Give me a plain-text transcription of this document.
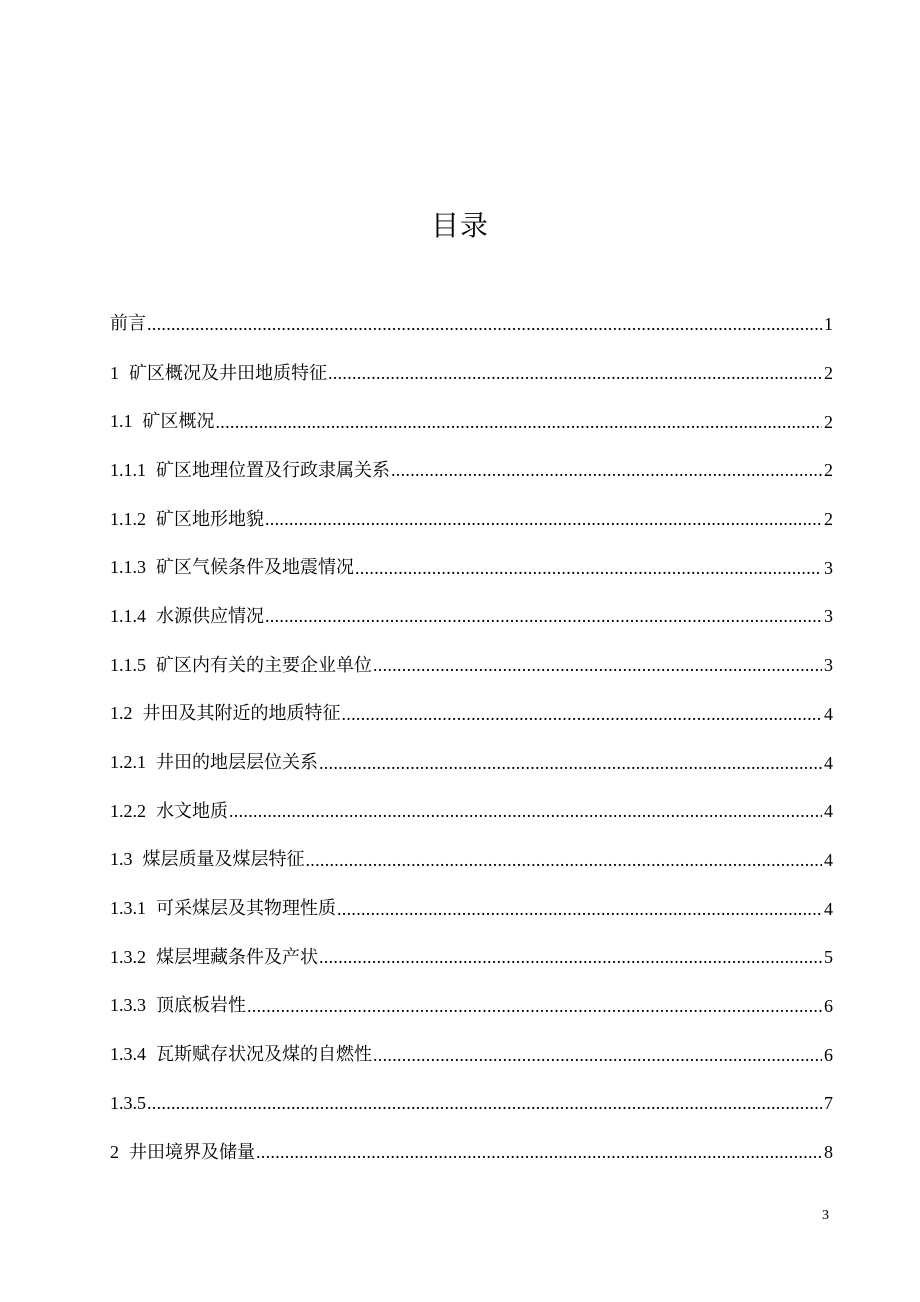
目录
前言 .....	1
1 矿区概况及井田地质特征 .....	2
1.1 矿区概况 .....	2
1.1.1 矿区地理位置及行政隶属关系 .....	2
1.1.2 矿区地形地貌 .....	2
1.1.3 矿区气候条件及地震情况 .....	3
1.1.4 水源供应情况 .....	3
1.1.5 矿区内有关的主要企业单位 .....	3
1.2 井田及其附近的地质特征 .....	4
1.2.1 井田的地层层位关系 .....	4
1.2.2 水文地质 .....	4
1.3 煤层质量及煤层特征 .....	4
1.3.1 可采煤层及其物理性质 .....	4
1.3.2 煤层埋藏条件及产状 .....	5
1.3.3 顶底板岩性 .....	6
1.3.4 瓦斯赋存状况及煤的自燃性 .....	6
1.3.5 .....	7
2 井田境界及储量 .....	8
3
